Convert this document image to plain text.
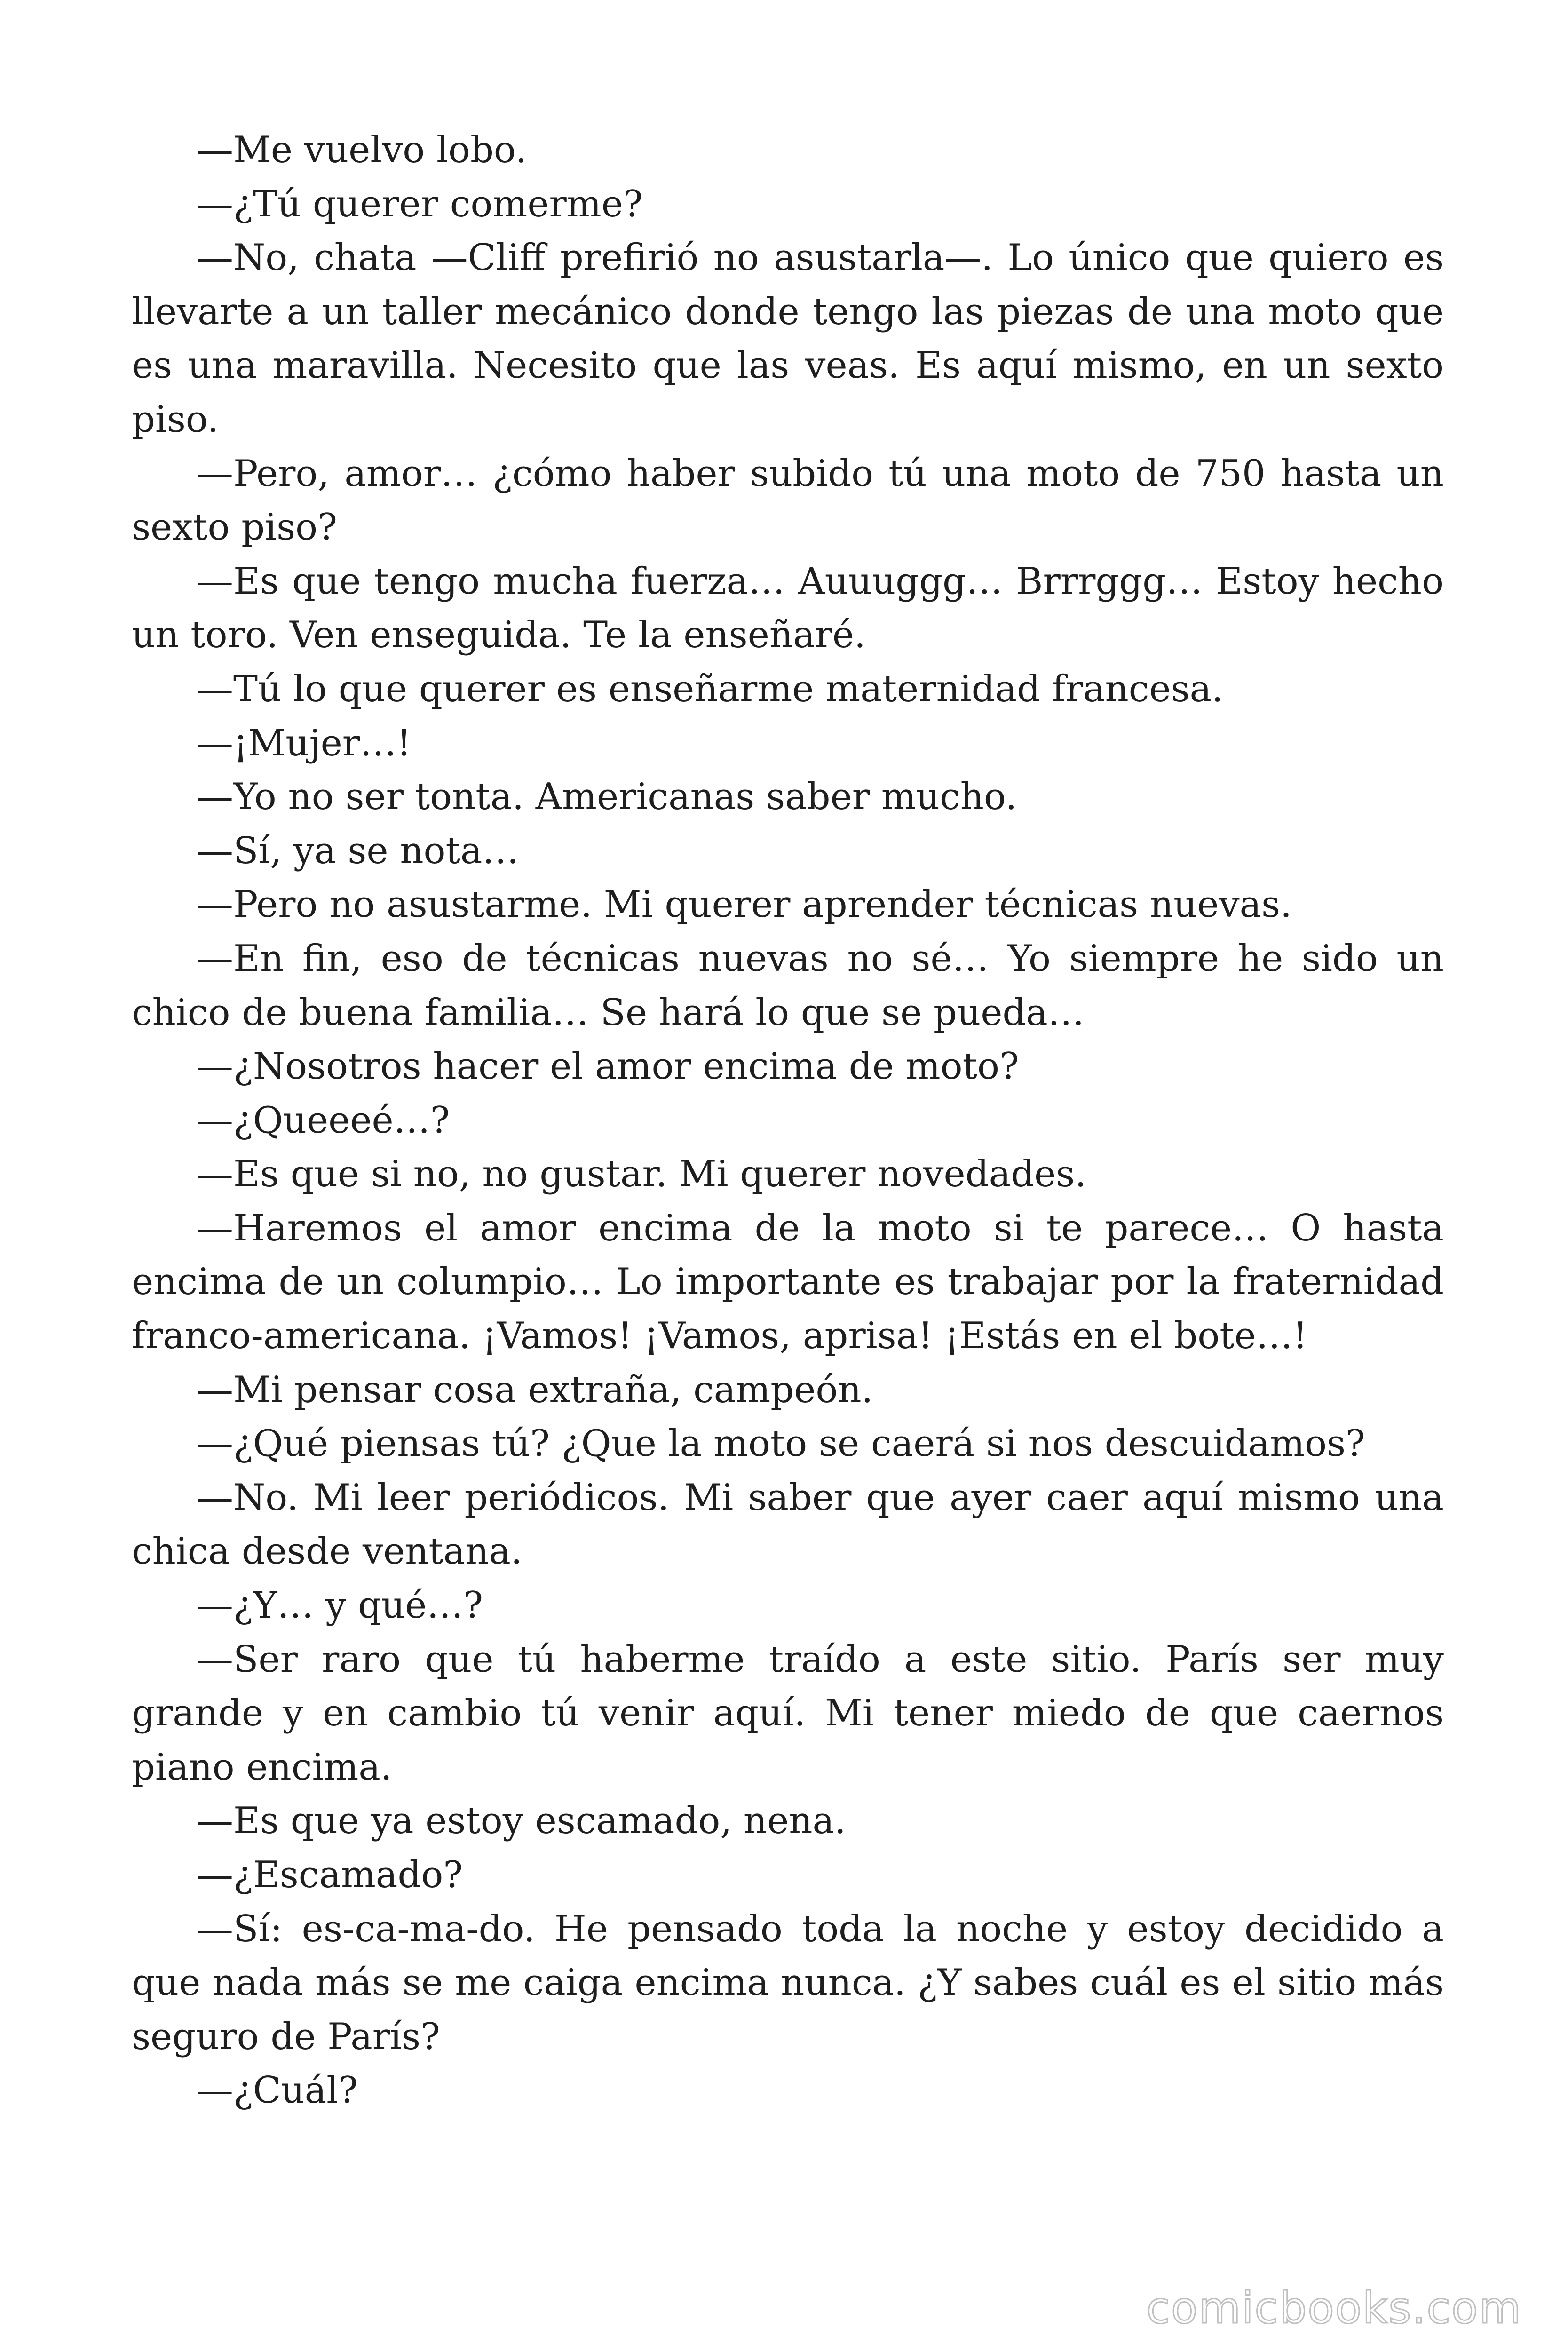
—Me vuelvo lobo.

—¿Tú querer comerme?

—No, chata —Cliff prefirió no asustarla—. Lo único que quiero es llevarte a un taller mecánico donde tengo las piezas de una moto que es una maravilla. Necesito que las veas. Es aquí mismo, en un sexto piso.

—Pero, amor… ¿cómo haber subido tú una moto de 750 hasta un sexto piso?

—Es que tengo mucha fuerza… Auuuggg… Brrrggg… Estoy hecho un toro. Ven enseguida. Te la enseñaré.

—Tú lo que querer es enseñarme maternidad francesa.

—¡Mujer…!

—Yo no ser tonta. Americanas saber mucho.

—Sí, ya se nota…

—Pero no asustarme. Mi querer aprender técnicas nuevas.

—En fin, eso de técnicas nuevas no sé… Yo siempre he sido un chico de buena familia… Se hará lo que se pueda…

—¿Nosotros hacer el amor encima de moto?

—¿Queeeé…?

—Es que si no, no gustar. Mi querer novedades.

—Haremos el amor encima de la moto si te parece… O hasta encima de un columpio… Lo importante es trabajar por la fraternidad franco-americana. ¡Vamos! ¡Vamos, aprisa! ¡Estás en el bote…!

—Mi pensar cosa extraña, campeón.

—¿Qué piensas tú? ¿Que la moto se caerá si nos descuidamos?

—No. Mi leer periódicos. Mi saber que ayer caer aquí mismo una chica desde ventana.

—¿Y… y qué…?

—Ser raro que tú haberme traído a este sitio. París ser muy grande y en cambio tú venir aquí. Mi tener miedo de que caernos piano encima.

—Es que ya estoy escamado, nena.

—¿Escamado?

—Sí: es-ca-ma-do. He pensado toda la noche y estoy decidido a que nada más se me caiga encima nunca. ¿Y sabes cuál es el sitio más seguro de París?

—¿Cuál?

comicbooks.com
